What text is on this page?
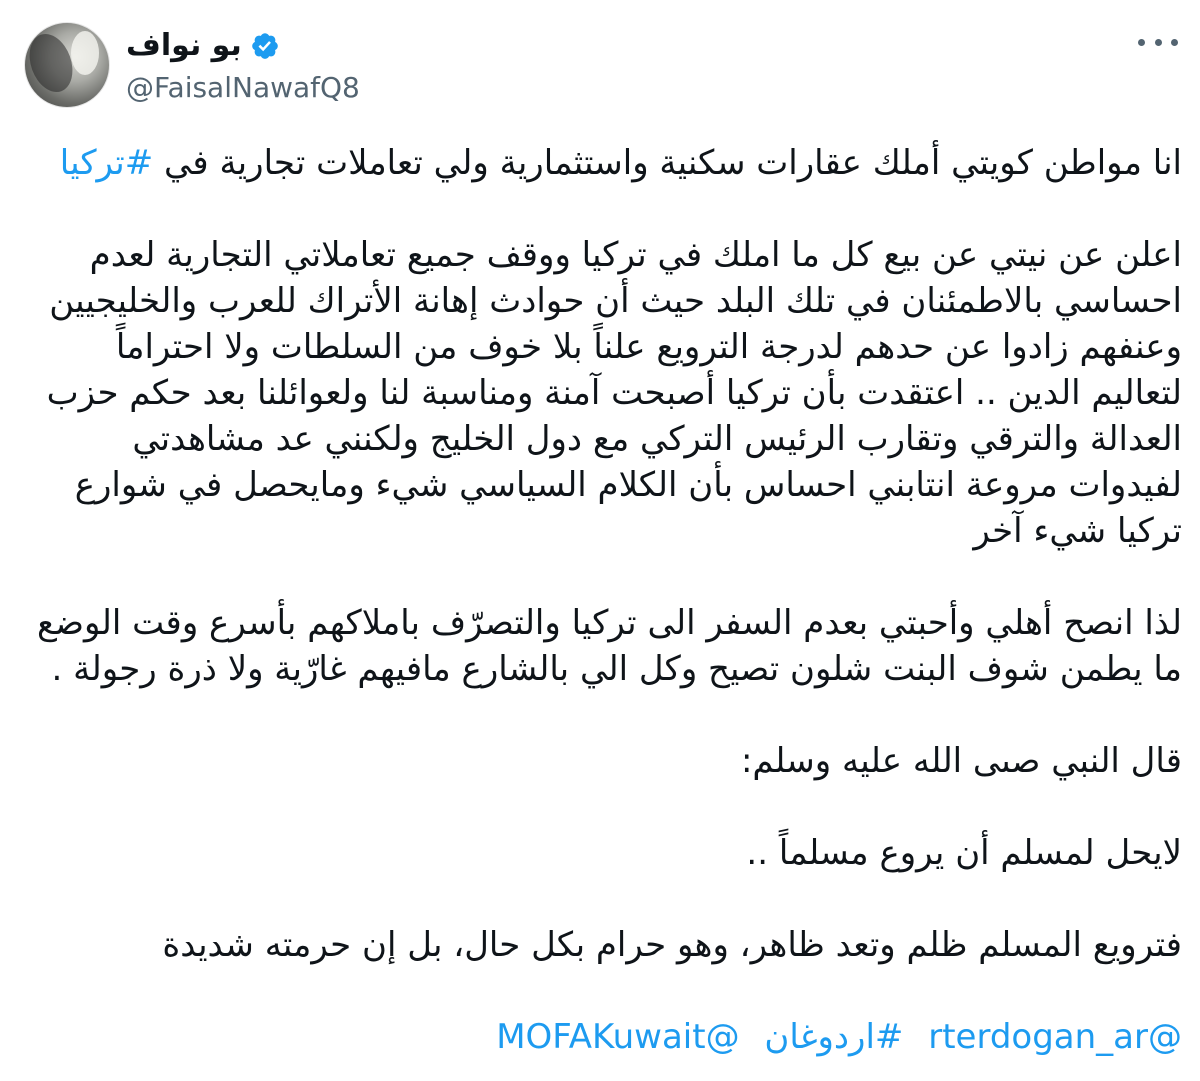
بو نواف
@FaisalNawafQ8

انا مواطن كويتي أملك عقارات سكنية واستثمارية ولي تعاملات تجارية في #تركيا

اعلن عن نيتي عن بيع كل ما املك في تركيا ووقف جميع تعاملاتي التجارية لعدم احساسي بالاطمئنان في تلك البلد حيث أن حوادث إهانة الأتراك للعرب والخليجيين وعنفهم زادوا عن حدهم لدرجة الترويع علناً بلا خوف من السلطات ولا احتراماً لتعاليم الدين .. اعتقدت بأن تركيا أصبحت آمنة ومناسبة لنا ولعوائلنا بعد حكم حزب العدالة والترقي وتقارب الرئيس التركي مع دول الخليج ولكنني عد مشاهدتي لفيدوات مروعة انتابني احساس بأن الكلام السياسي شيء ومايحصل في شوارع تركيا شيء آخر

لذا انصح أهلي وأحبتي بعدم السفر الى تركيا والتصرّف باملاكهم بأسرع وقت الوضع ما يطمن شوف البنت شلون تصيح وكل الي بالشارع مافيهم غارّية ولا ذرة رجولة .

قال النبي صىى الله عليه وسلم:

لايحل لمسلم أن يروع مسلماً ..

فترويع المسلم ظلم وتعد ظاهر، وهو حرام بكل حال، بل إن حرمته شديدة

@rterdogan_ar #اردوغان @MOFAKuwait
